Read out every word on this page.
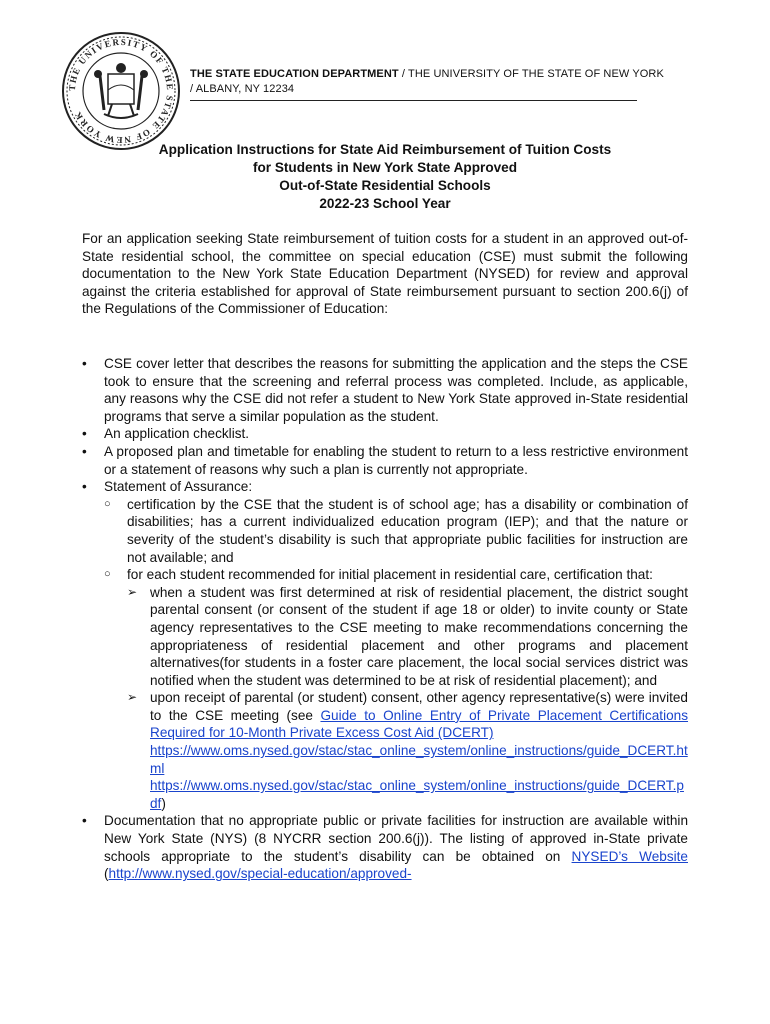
THE UNIVERSITY OF THE STATE OF NEW YORK
THE STATE EDUCATION DEPARTMENT / THE UNIVERSITY OF THE STATE OF NEW YORK / ALBANY, NY 12234
Application Instructions for State Aid Reimbursement of Tuition Costs
for Students in New York State Approved
Out-of-State Residential Schools
2022-23 School Year
For an application seeking State reimbursement of tuition costs for a student in an approved out-of-State residential school, the committee on special education (CSE) must submit the following documentation to the New York State Education Department (NYSED) for review and approval against the criteria established for approval of State reimbursement pursuant to section 200.6(j) of the Regulations of the Commissioner of Education:
• CSE cover letter that describes the reasons for submitting the application and the steps the CSE took to ensure that the screening and referral process was completed. Include, as applicable, any reasons why the CSE did not refer a student to New York State approved in-State residential programs that serve a similar population as the student.
• An application checklist.
• A proposed plan and timetable for enabling the student to return to a less restrictive environment or a statement of reasons why such a plan is currently not appropriate.
• Statement of Assurance:
○ certification by the CSE that the student is of school age; has a disability or combination of disabilities; has a current individualized education program (IEP); and that the nature or severity of the student’s disability is such that appropriate public facilities for instruction are not available; and
○ for each student recommended for initial placement in residential care, certification that:
➢ when a student was first determined at risk of residential placement, the district sought parental consent (or consent of the student if age 18 or older) to invite county or State agency representatives to the CSE meeting to make recommendations concerning the appropriateness of residential placement and other programs and placement alternatives(for students in a foster care placement, the local social services district was notified when the student was determined to be at risk of residential placement); and
➢ upon receipt of parental (or student) consent, other agency representative(s) were invited to the CSE meeting (see Guide to Online Entry of Private Placement Certifications Required for 10-Month Private Excess Cost Aid (DCERT)
https://www.oms.nysed.gov/stac/stac_online_system/online_instructions/guide_DCERT.html
https://www.oms.nysed.gov/stac/stac_online_system/online_instructions/guide_DCERT.pdf)
• Documentation that no appropriate public or private facilities for instruction are available within New York State (NYS) (8 NYCRR section 200.6(j)). The listing of approved in-State private schools appropriate to the student’s disability can be obtained on NYSED’s Website (http://www.nysed.gov/special-education/approved-
